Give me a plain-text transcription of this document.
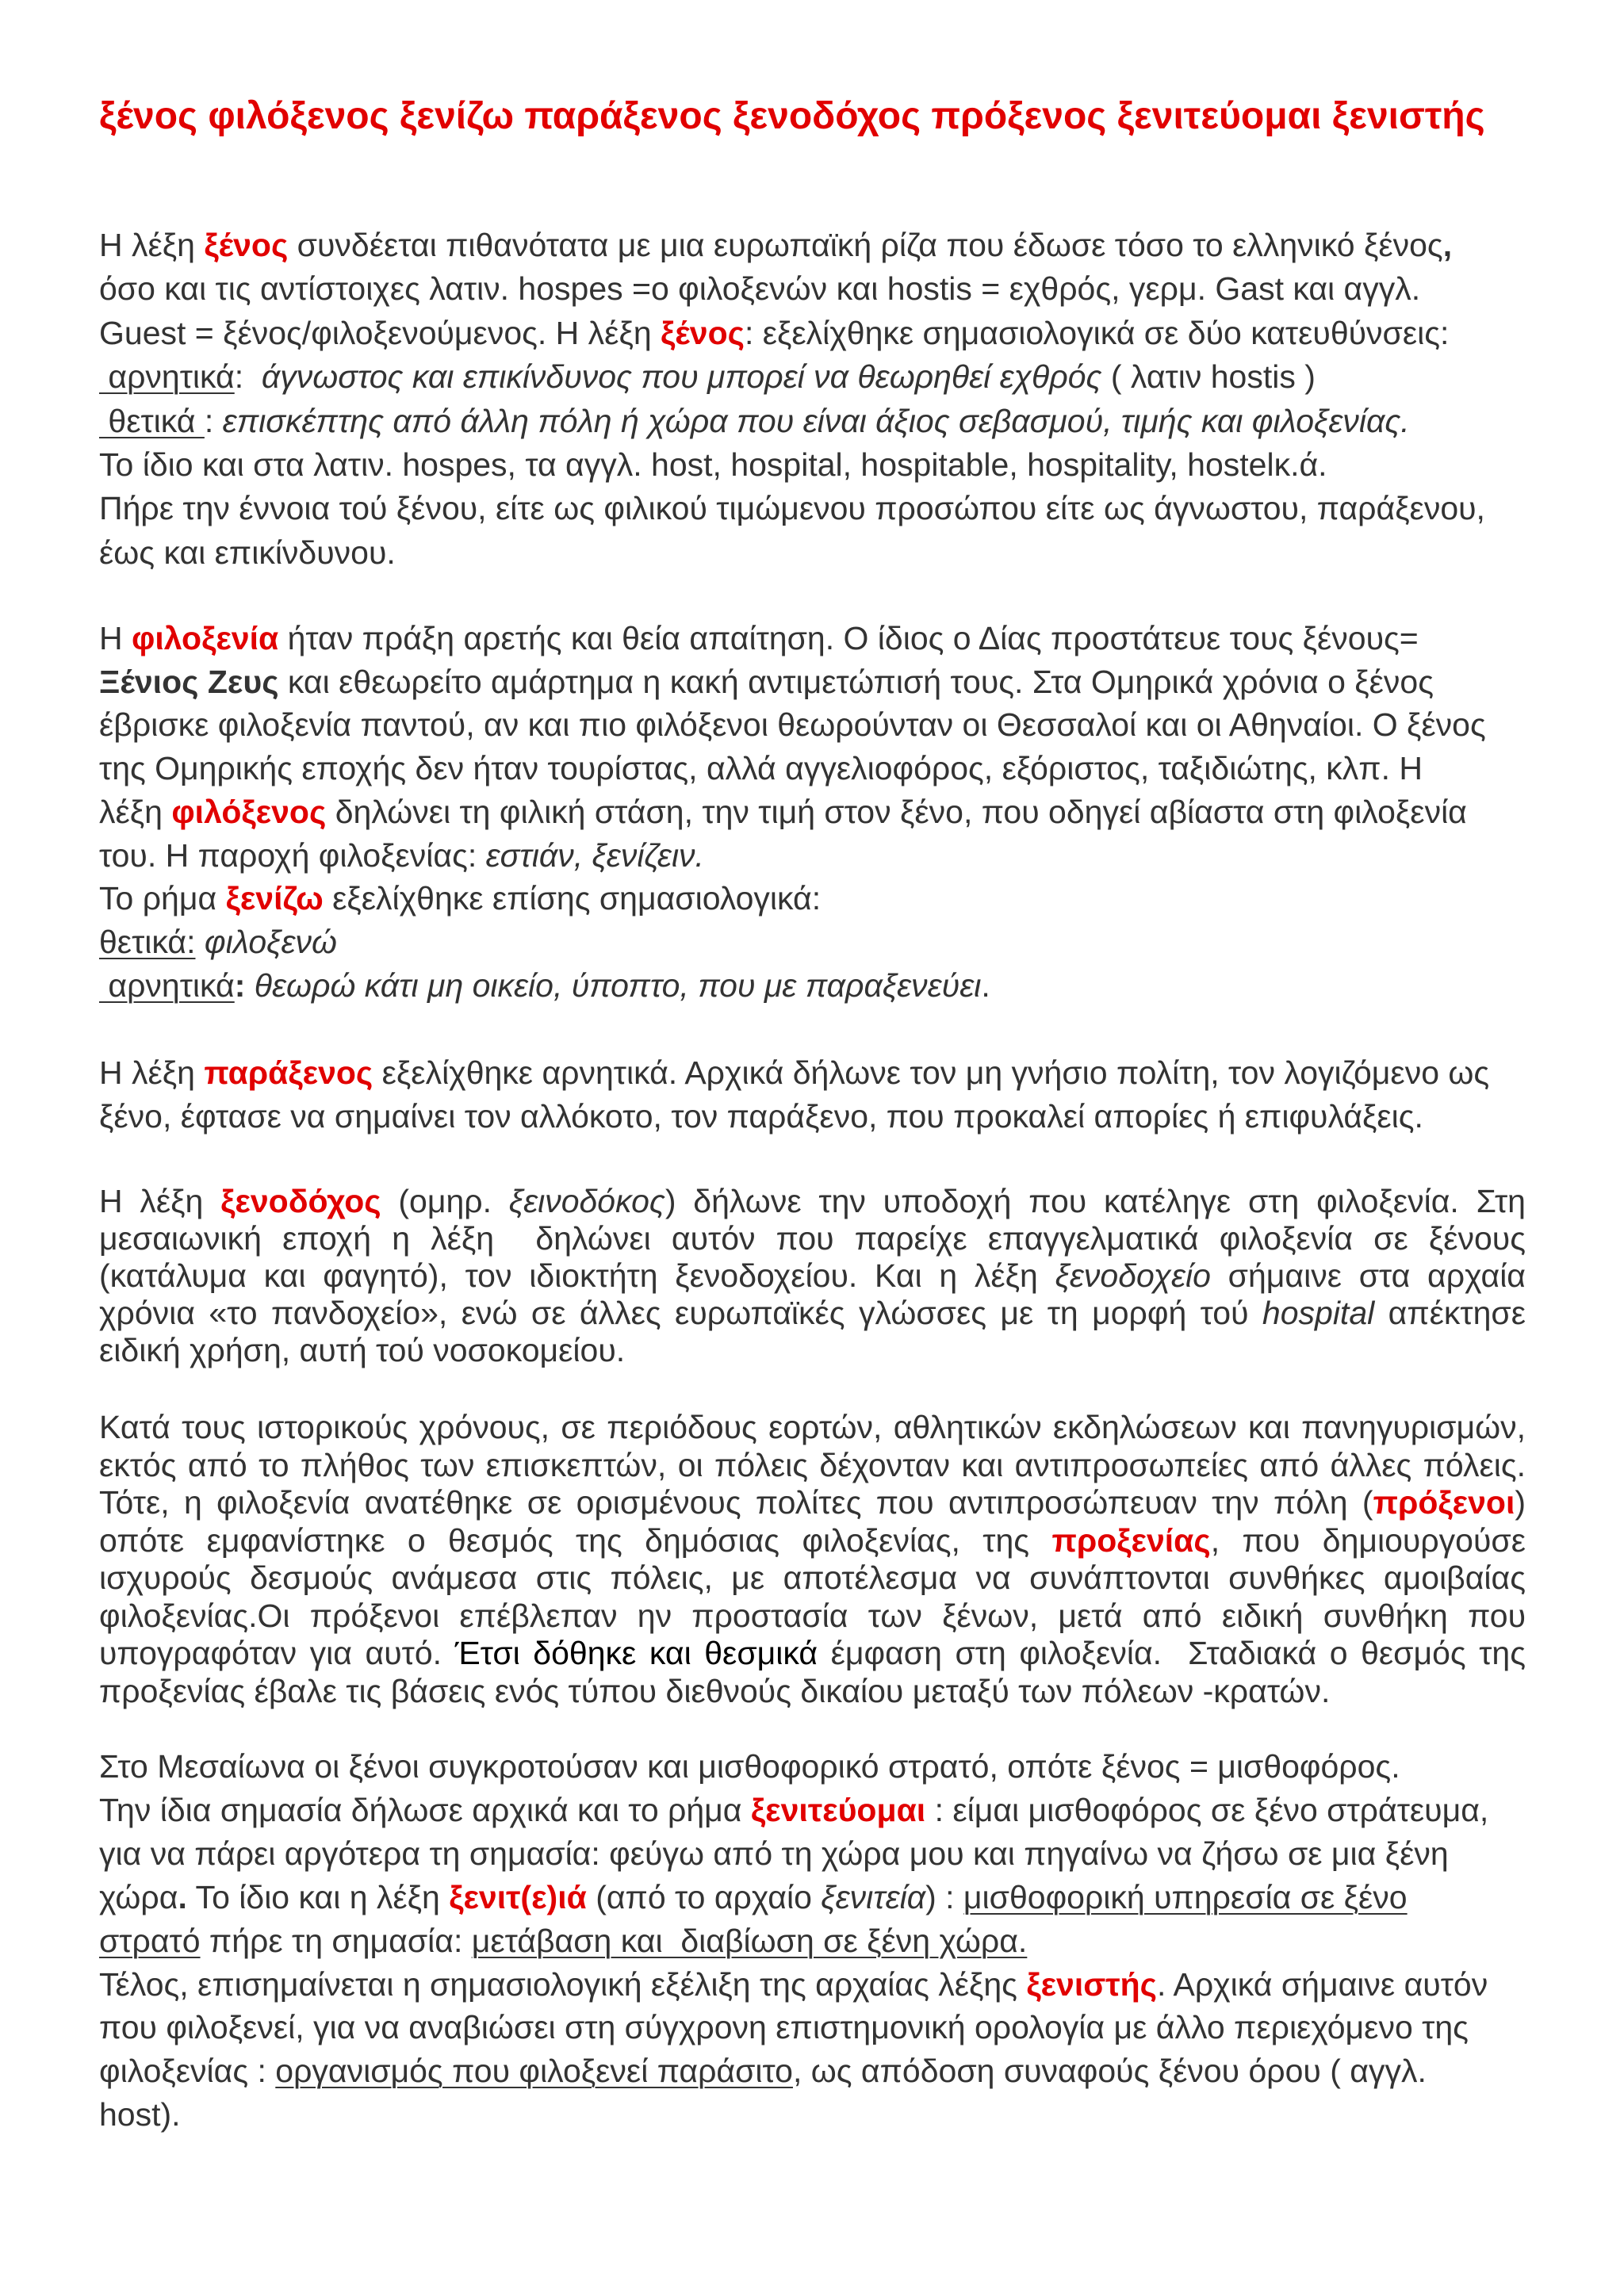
ξένος φιλόξενος ξενίζω παράξενος ξενοδόχος πρόξενος ξενιτεύομαι ξενιστής
Η λέξη ξένος συνδέεται πιθανότατα με μια ευρωπαϊκή ρίζα που έδωσε τόσο το ελληνικό ξένος,
όσο και τις αντίστοιχες λατιν. hospes =ο φιλοξενών και hostis = εχθρός, γερμ. Gast και αγγλ.
Guest = ξένος/φιλοξενούμενος. Η λέξη ξένος: εξελίχθηκε σημασιολογικά σε δύο κατευθύνσεις:
αρνητικά:  άγνωστος και επικίνδυνος που μπορεί να θεωρηθεί εχθρός ( λατιν hostis )
θετικά : επισκέπτης από άλλη πόλη ή χώρα που είναι άξιος σεβασμού, τιμής και φιλοξενίας.
Το ίδιο και στα λατιν. hospes, τα αγγλ. host, hospital, hospitable, hospitality, hostelκ.ά.
Πήρε την έννοια τού ξένου, είτε ως φιλικού τιμώμενου προσώπου είτε ως άγνωστου, παράξενου,
έως και επικίνδυνου.
Η φιλοξενία ήταν πράξη αρετής και θεία απαίτηση. Ο ίδιος ο Δίας προστάτευε τους ξένους=
Ξένιος Ζευς και εθεωρείτο αμάρτημα η κακή αντιμετώπισή τους. Στα Ομηρικά χρόνια ο ξένος
έβρισκε φιλοξενία παντού, αν και πιο φιλόξενοι θεωρούνταν οι Θεσσαλοί και οι Αθηναίοι. Ο ξένος
της Ομηρικής εποχής δεν ήταν τουρίστας, αλλά αγγελιοφόρος, εξόριστος, ταξιδιώτης, κλπ. Η
λέξη φιλόξενος δηλώνει τη φιλική στάση, την τιμή στον ξένο, που οδηγεί αβίαστα στη φιλοξενία
του. Η παροχή φιλοξενίας: εστιάν, ξενίζειν.
Το ρήμα ξενίζω εξελίχθηκε επίσης σημασιολογικά:
θετικά: φιλοξενώ
αρνητικά: θεωρώ κάτι μη οικείο, ύποπτο, που με παραξενεύει.
Η λέξη παράξενος εξελίχθηκε αρνητικά. Αρχικά δήλωνε τον μη γνήσιο πολίτη, τον λογιζόμενο ως
ξένο, έφτασε να σημαίνει τον αλλόκοτο, τον παράξενο, που προκαλεί απορίες ή επιφυλάξεις.
Η λέξη ξενοδόχος (ομηρ. ξεινοδόκος) δήλωνε την υποδοχή που κατέληγε στη φιλοξενία. Στη
μεσαιωνική εποχή η λέξη  δηλώνει αυτόν που παρείχε επαγγελματικά φιλοξενία σε ξένους
(κατάλυμα και φαγητό), τον ιδιοκτήτη ξενοδοχείου. Και η λέξη ξενοδοχείο σήμαινε στα αρχαία
χρόνια «το πανδοχείο», ενώ σε άλλες ευρωπαϊκές γλώσσες με τη μορφή τού hospital απέκτησε
ειδική χρήση, αυτή τού νοσοκομείου.
Κατά τους ιστορικούς χρόνους, σε περιόδους εορτών, αθλητικών εκδηλώσεων και πανηγυρισμών,
εκτός από το πλήθος των επισκεπτών, οι πόλεις δέχονταν και αντιπροσωπείες από άλλες πόλεις.
Τότε, η φιλοξενία ανατέθηκε σε ορισμένους πολίτες που αντιπροσώπευαν την πόλη (πρόξενοι)
οπότε εμφανίστηκε ο θεσμός της δημόσιας φιλοξενίας, της προξενίας, που δημιουργούσε
ισχυρούς δεσμούς ανάμεσα στις πόλεις, με αποτέλεσμα να συνάπτονται συνθήκες αμοιβαίας
φιλοξενίας.Οι πρόξενοι επέβλεπαν ην προστασία των ξένων, μετά από ειδική συνθήκη που
υπογραφόταν για αυτό. Έτσι δόθηκε και θεσμικά έμφαση στη φιλοξενία.  Σταδιακά ο θεσμός της
προξενίας έβαλε τις βάσεις ενός τύπου διεθνούς δικαίου μεταξύ των πόλεων -κρατών.
Στο Μεσαίωνα οι ξένοι συγκροτούσαν και μισθοφορικό στρατό, οπότε ξένος = μισθοφόρος.
Την ίδια σημασία δήλωσε αρχικά και το ρήμα ξενιτεύομαι : είμαι μισθοφόρος σε ξένο στράτευμα,
για να πάρει αργότερα τη σημασία: φεύγω από τη χώρα μου και πηγαίνω να ζήσω σε μια ξένη
χώρα. Το ίδιο και η λέξη ξενιτ(ε)ιά (από το αρχαίο ξενιτεία) : μισθοφορική υπηρεσία σε ξένο
στρατό πήρε τη σημασία: μετάβαση και  διαβίωση σε ξένη χώρα.
Τέλος, επισημαίνεται η σημασιολογική εξέλιξη της αρχαίας λέξης ξενιστής. Αρχικά σήμαινε αυτόν
που φιλοξενεί, για να αναβιώσει στη σύγχρονη επιστημονική ορολογία με άλλο περιεχόμενο της
φιλοξενίας : οργανισμός που φιλοξενεί παράσιτο, ως απόδοση συναφούς ξένου όρου ( αγγλ.
host).
